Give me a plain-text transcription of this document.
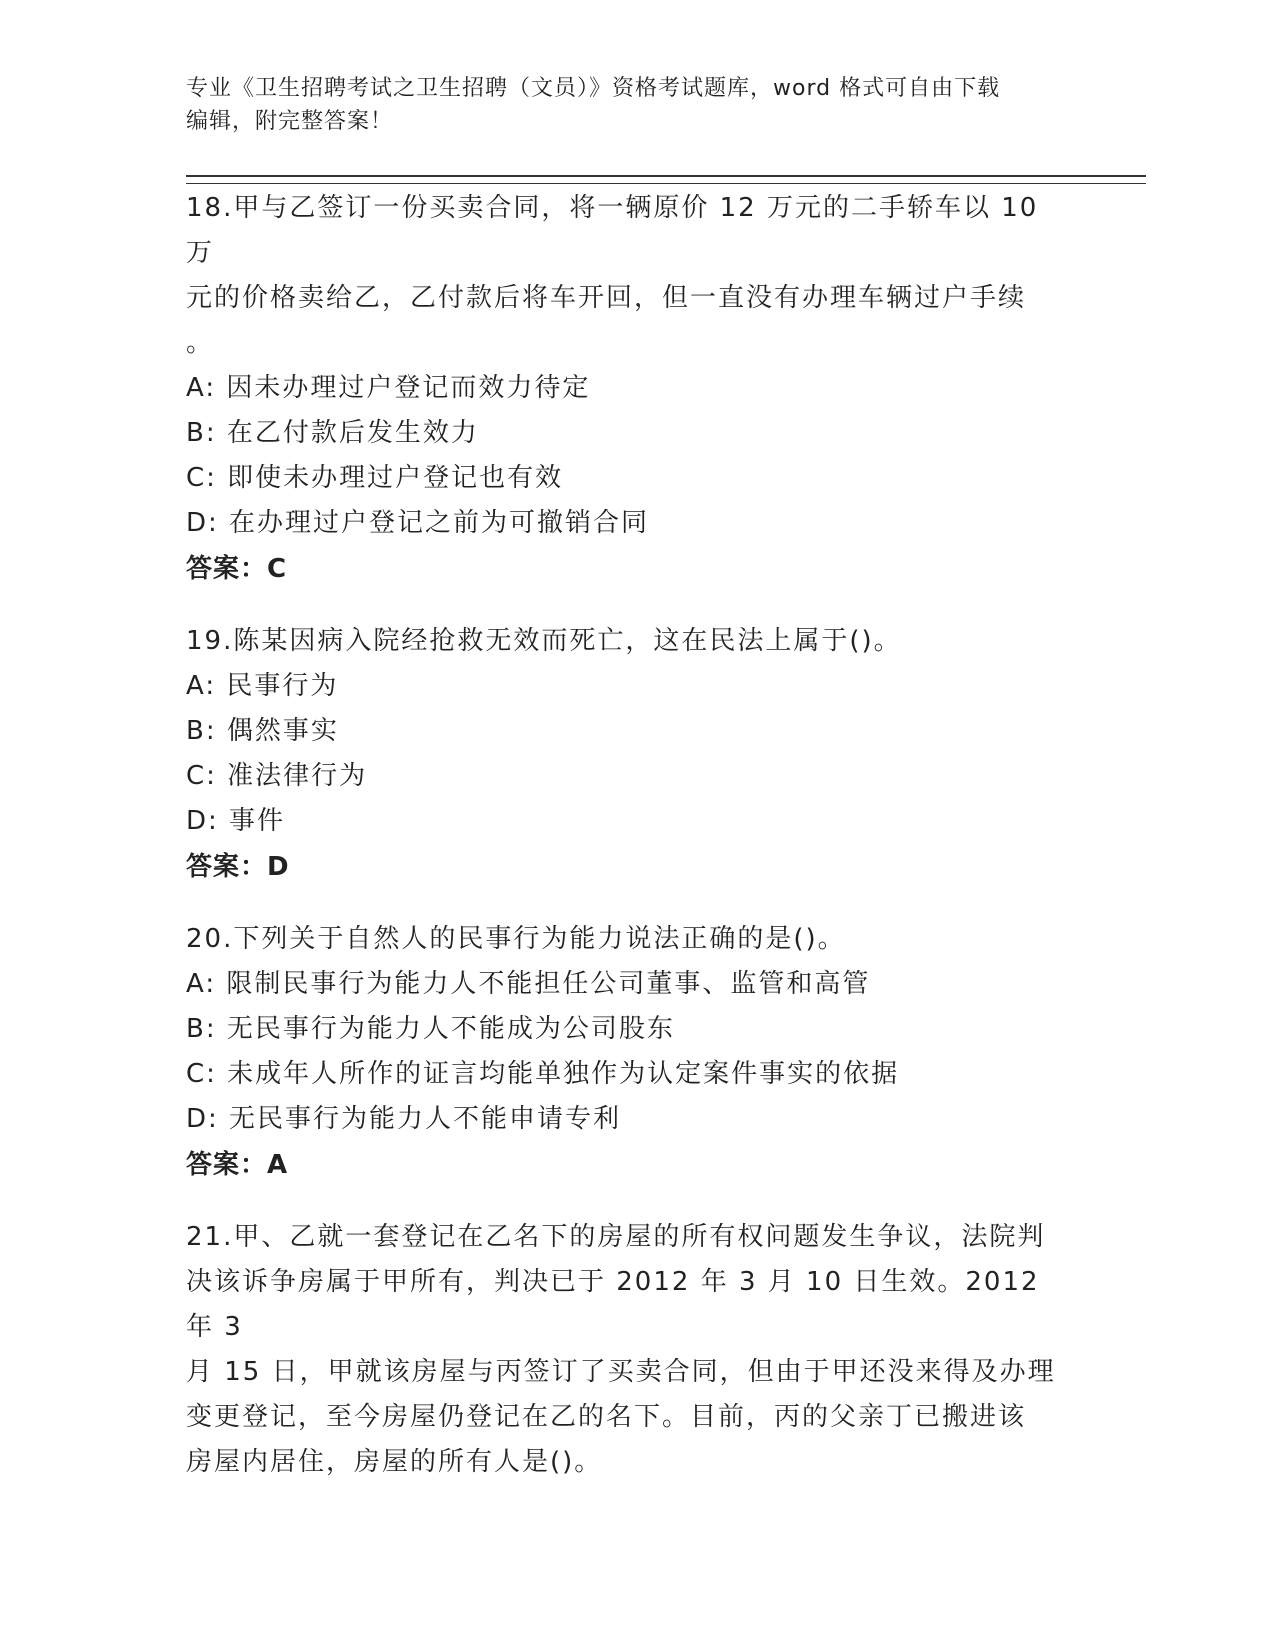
专业《卫生招聘考试之卫生招聘（文员）》资格考试题库，word 格式可自由下载
编辑，附完整答案！

18.甲与乙签订一份买卖合同，将一辆原价 12 万元的二手轿车以 10 万

元的价格卖给乙，乙付款后将车开回，但一直没有办理车辆过户手续

。

A: 因未办理过户登记而效力待定

B: 在乙付款后发生效力

C: 即使未办理过户登记也有效

D: 在办理过户登记之前为可撤销合同

答案：C

19.陈某因病入院经抢救无效而死亡，这在民法上属于()。

A: 民事行为

B: 偶然事实

C: 准法律行为

D: 事件

答案：D

20.下列关于自然人的民事行为能力说法正确的是()。

A: 限制民事行为能力人不能担任公司董事、监管和高管

B: 无民事行为能力人不能成为公司股东

C: 未成年人所作的证言均能单独作为认定案件事实的依据

D: 无民事行为能力人不能申请专利

答案：A

21.甲、乙就一套登记在乙名下的房屋的所有权问题发生争议，法院判

决该诉争房属于甲所有，判决已于 2012 年 3 月 10 日生效。2012 年 3

月 15 日，甲就该房屋与丙签订了买卖合同，但由于甲还没来得及办理

变更登记，至今房屋仍登记在乙的名下。目前，丙的父亲丁已搬进该

房屋内居住，房屋的所有人是()。
